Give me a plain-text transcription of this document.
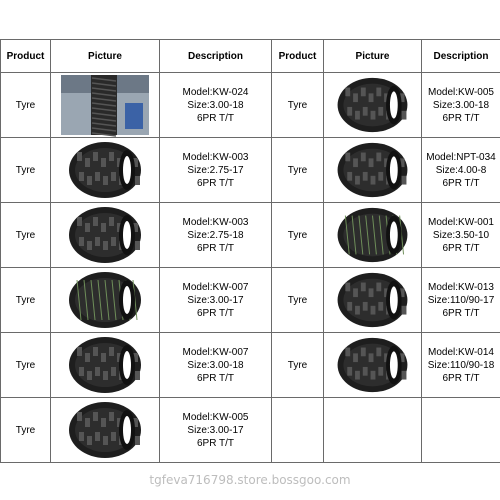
Product	Picture	Description	Product	Picture	Description
Tyre		Model:KW-024
Size:3.00-18
6PR T/T	Tyre		Model:KW-005
Size:3.00-18
6PR T/T

Tyre		Model:KW-003
Size:2.75-17
6PR T/T	Tyre		Model:NPT-034
Size:4.00-8
6PR T/T

Tyre		Model:KW-003
Size:2.75-18
6PR T/T	Tyre		Model:KW-001
Size:3.50-10
6PR T/T

Tyre		Model:KW-007
Size:3.00-17
6PR T/T	Tyre		Model:KW-013
Size:110/90-17
6PR T/T

Tyre		Model:KW-007
Size:3.00-18
6PR T/T	Tyre		Model:KW-014
Size:110/90-18
6PR T/T

Tyre		Model:KW-005
Size:3.00-17
6PR T/T			

tgfeva716798.store.bossgoo.com
